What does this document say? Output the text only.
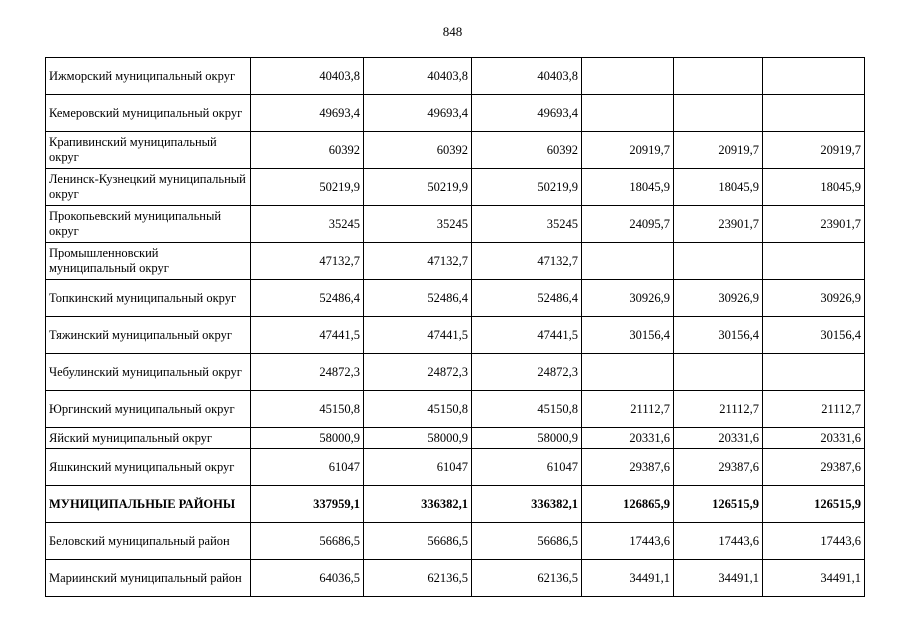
848
Ижморский муниципальный округ	40403,8	40403,8	40403,8			
Кемеровский муниципальный округ	49693,4	49693,4	49693,4			
Крапивинский муниципальный округ	60392	60392	60392	20919,7	20919,7	20919,7
Ленинск-Кузнецкий муниципальный округ	50219,9	50219,9	50219,9	18045,9	18045,9	18045,9
Прокопьевский муниципальный округ	35245	35245	35245	24095,7	23901,7	23901,7
Промышленновский муниципальный округ	47132,7	47132,7	47132,7			
Топкинский муниципальный округ	52486,4	52486,4	52486,4	30926,9	30926,9	30926,9
Тяжинский муниципальный округ	47441,5	47441,5	47441,5	30156,4	30156,4	30156,4
Чебулинский муниципальный округ	24872,3	24872,3	24872,3			
Юргинский муниципальный округ	45150,8	45150,8	45150,8	21112,7	21112,7	21112,7
Яйский муниципальный округ	58000,9	58000,9	58000,9	20331,6	20331,6	20331,6
Яшкинский муниципальный округ	61047	61047	61047	29387,6	29387,6	29387,6
МУНИЦИПАЛЬНЫЕ РАЙОНЫ	337959,1	336382,1	336382,1	126865,9	126515,9	126515,9
Беловский муниципальный район	56686,5	56686,5	56686,5	17443,6	17443,6	17443,6
Мариинский муниципальный район	64036,5	62136,5	62136,5	34491,1	34491,1	34491,1
